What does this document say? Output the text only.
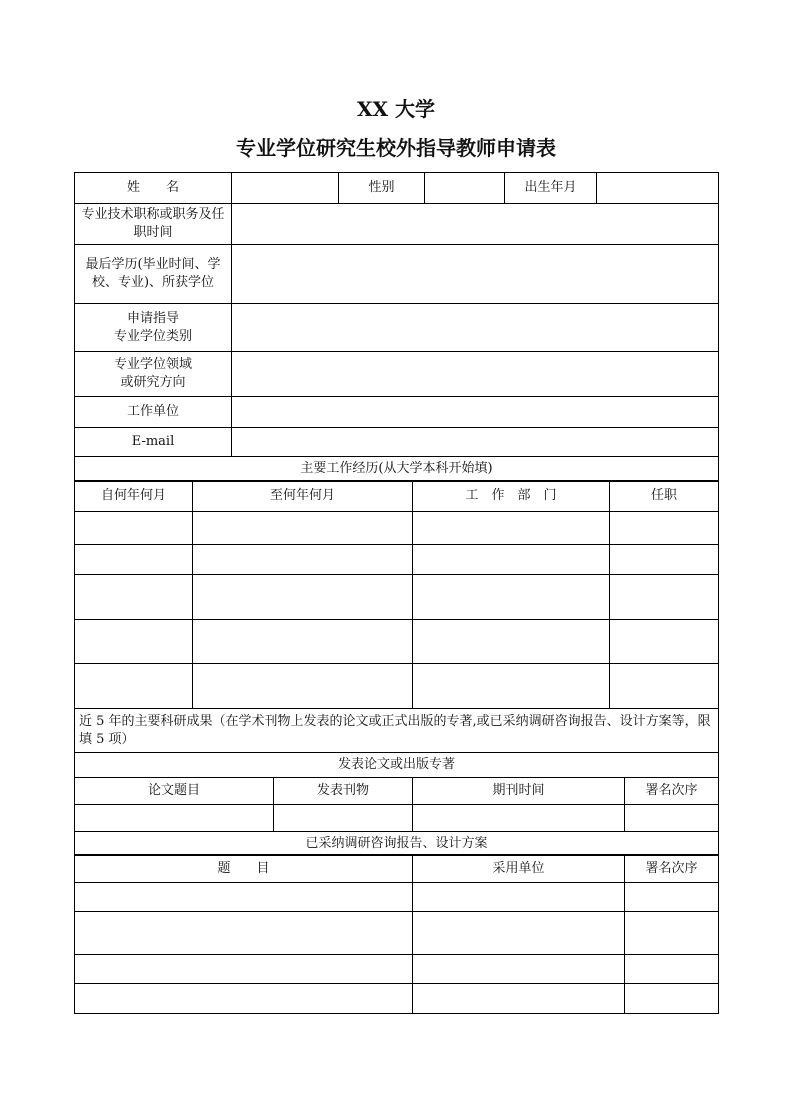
XX 大学
专业学位研究生校外指导教师申请表
姓　　名		性别		出生年月	
专业技术职称或职务及任职时间					
最后学历(毕业时间、学校、专业)、所获学位					

申请指导
专业学位类别					

专业学位领域
或研究方向					

工作单位					
E-mail					
主要工作经历(从大学本科开始填)					
自何年何月	至何年何月	工　作　部　门	任职

近 5 年的主要科研成果（在学术刊物上发表的论文或正式出版的专著,或已采纳调研咨询报告、设计方案等，限填 5 项）			
发表论文或出版专著			
论文题目	发表刊物	期刊时间	署名次序

已采纳调研咨询报告、设计方案			
题　　目	采用单位	署名次序
